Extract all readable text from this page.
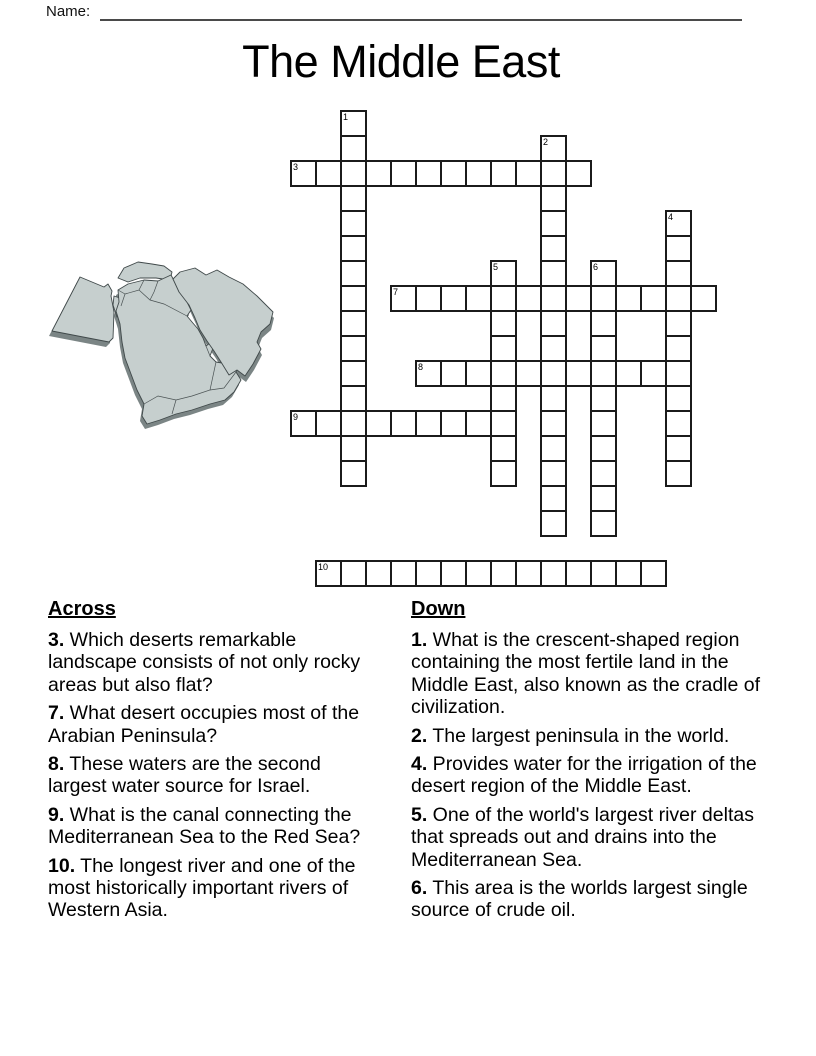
Name:
The Middle East
1
2
3
4
5	6
7
8
9
10
Across

3. Which deserts remarkable landscape consists of not only rocky areas but also flat?

7. What desert occupies most of the Arabian Peninsula?

8. These waters are the second largest water source for Israel.

9. What is the canal connecting the Mediterranean Sea to the Red Sea?

10. The longest river and one of the most historically important rivers of Western Asia.

Down

1. What is the crescent-shaped region containing the most fertile land in the Middle East, also known as the cradle of civilization.

2. The largest peninsula in the world.

4. Provides water for the irrigation of the desert region of the Middle East.

5. One of the world's largest river deltas that spreads out and drains into the Mediterranean Sea.

6. This area is the worlds largest single source of crude oil.
